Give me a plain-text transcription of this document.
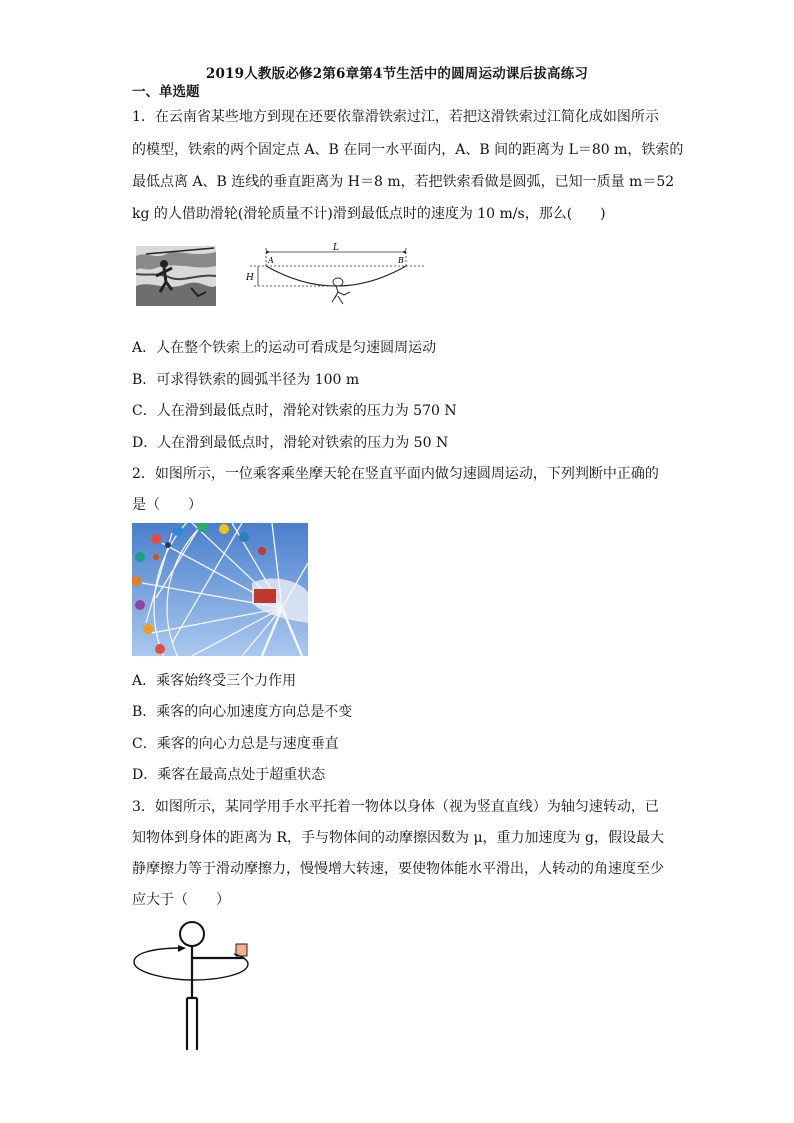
2019人教版必修2第6章第4节生活中的圆周运动课后拔高练习
一、单选题
1．在云南省某些地方到现在还要依靠滑铁索过江，若把这滑铁索过江简化成如图所示
的模型，铁索的两个固定点 A、B 在同一水平面内，A、B 间的距离为 L＝80 m，铁索的
最低点离 A、B 连线的垂直距离为 H＝8 m，若把铁索看做是圆弧，已知一质量 m＝52
kg 的人借助滑轮(滑轮质量不计)滑到最低点时的速度为 10 m/s，那么(　　)
L
A	B
H
A．人在整个铁索上的运动可看成是匀速圆周运动
B．可求得铁索的圆弧半径为 100 m
C．人在滑到最低点时，滑轮对铁索的压力为 570 N
D．人在滑到最低点时，滑轮对铁索的压力为 50 N
2．如图所示，一位乘客乘坐摩天轮在竖直平面内做匀速圆周运动，下列判断中正确的
是（　　）
A．乘客始终受三个力作用
B．乘客的向心加速度方向总是不变
C．乘客的向心力总是与速度垂直
D．乘客在最高点处于超重状态
3．如图所示，某同学用手水平托着一物体以身体（视为竖直直线）为轴匀速转动，已
知物体到身体的距离为 R，手与物体间的动摩擦因数为 μ，重力加速度为 g，假设最大
静摩擦力等于滑动摩擦力，慢慢增大转速，要使物体能水平滑出，人转动的角速度至少
应大于（　　）
